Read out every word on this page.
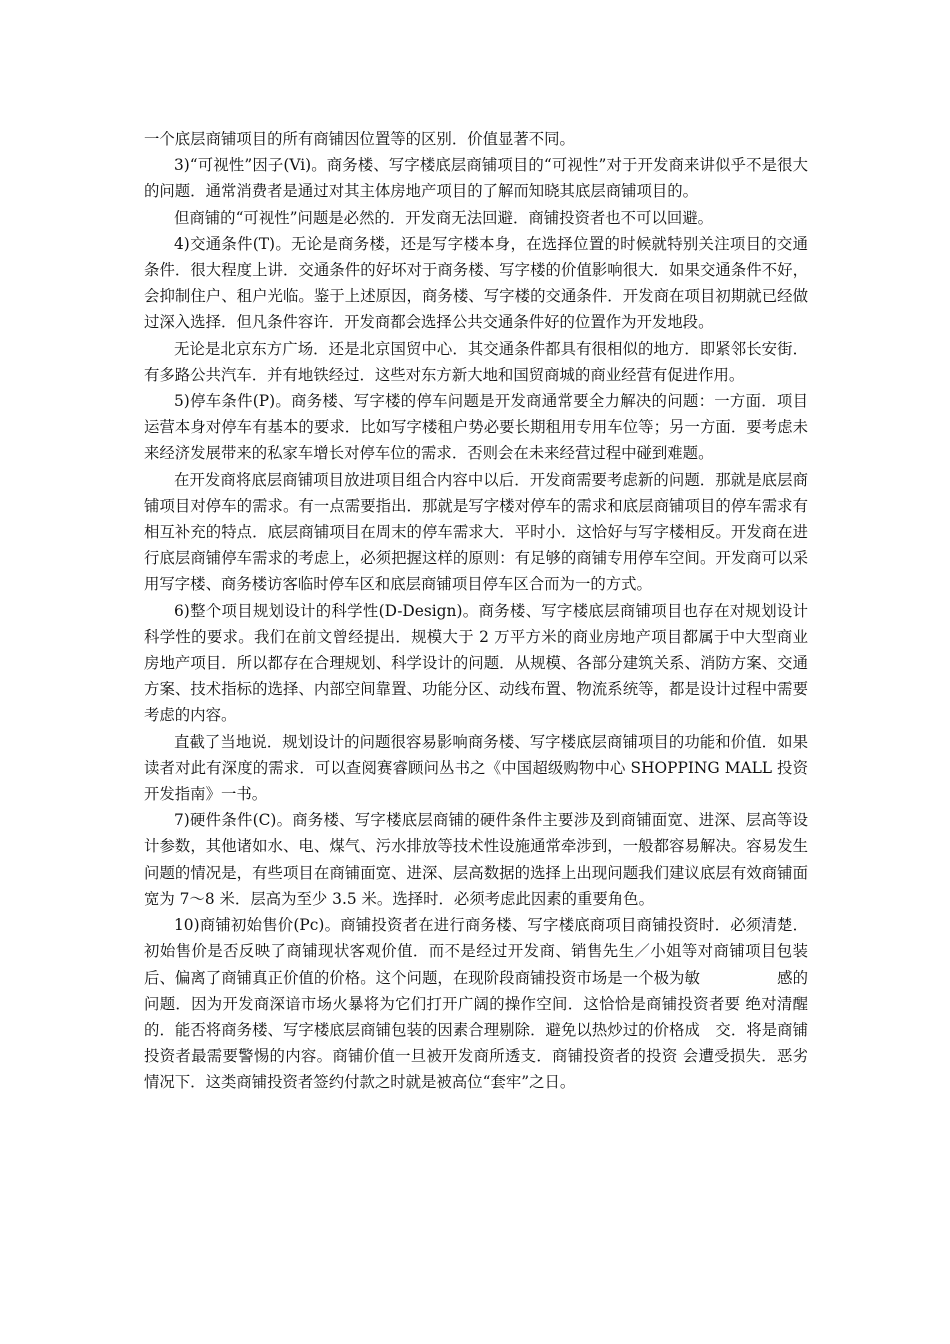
一个底层商铺项目的所有商铺因位置等的区别．价值显著不同。

3)“可视性”因子(Vi)。商务楼、写字楼底层商铺项目的“可视性”对于开发商来讲似乎不是很大的问题．通常消费者是通过对其主体房地产项目的了解而知晓其底层商铺项目的。

但商铺的“可视性”问题是必然的．开发商无法回避．商铺投资者也不可以回避。

4)交通条件(T)。无论是商务楼，还是写字楼本身，在选择位置的时候就特别关注项目的交通条件．很大程度上讲．交通条件的好坏对于商务楼、写字楼的价值影响很大．如果交通条件不好，会抑制住户、租户光临。鉴于上述原因，商务楼、写字楼的交通条件．开发商在项目初期就已经做过深入选择．但凡条件容许．开发商都会选择公共交通条件好的位置作为开发地段。

无论是北京东方广场．还是北京国贸中心．其交通条件都具有很相似的地方．即紧邻长安街．有多路公共汽车．并有地铁经过．这些对东方新大地和国贸商城的商业经营有促进作用。

5)停车条件(P)。商务楼、写字楼的停车问题是开发商通常要全力解决的问题：一方面．项目运营本身对停车有基本的要求．比如写字楼租户势必要长期租用专用车位等；另一方面．要考虑未来经济发展带来的私家车增长对停车位的需求．否则会在未来经营过程中碰到难题。

在开发商将底层商铺项目放进项目组合内容中以后．开发商需要考虑新的问题．那就是底层商铺项目对停车的需求。有一点需要指出．那就是写字楼对停车的需求和底层商铺项目的停车需求有相互补充的特点．底层商铺项目在周末的停车需求大．平时小．这恰好与写字楼相反。开发商在进行底层商铺停车需求的考虑上，必须把握这样的原则：有足够的商铺专用停车空间。开发商可以采用写字楼、商务楼访客临时停车区和底层商铺项目停车区合而为一的方式。

6)整个项目规划设计的科学性(D-Design)。商务楼、写字楼底层商铺项目也存在对规划设计科学性的要求。我们在前文曾经提出．规模大于 2 万平方米的商业房地产项目都属于中大型商业房地产项目．所以都存在合理规划、科学设计的问题．从规模、各部分建筑关系、消防方案、交通方案、技术指标的选择、内部空间靠置、功能分区、动线布置、物流系统等，都是设计过程中需要考虑的内容。

直截了当地说．规划设计的问题很容易影响商务楼、写字楼底层商铺项目的功能和价值．如果读者对此有深度的需求．可以查阅赛睿顾问丛书之《中国超级购物中心 SHOPPING MALL 投资开发指南》一书。

7)硬件条件(C)。商务楼、写字楼底层商铺的硬件条件主要涉及到商铺面宽、进深、层高等设计参数，其他诸如水、电、煤气、污水排放等技术性设施通常牵涉到，一般都容易解决。容易发生问题的情况是，有些项目在商铺面宽、进深、层高数据的选择上出现问题我们建议底层有效商铺面宽为 7～8 米．层高为至少 3.5 米。选择时．必须考虑此因素的重要角色。

10)商铺初始售价(Pc)。商铺投资者在进行商务楼、写字楼底商项目商铺投资时．必须清楚．初始售价是否反映了商铺现状客观价值．而不是经过开发商、销售先生／小姐等对商铺项目包装后、偏离了商铺真正价值的价格。这个问题，在现阶段商铺投资市场是一个极为敏　　　　　感的问题．因为开发商深谙市场火暴将为它们打开广阔的操作空间．这恰恰是商铺投资者要 绝对清醒的．能否将商务楼、写字楼底层商铺包装的因素合理剔除．避免以热炒过的价格成　交．将是商铺投资者最需要警惕的内容。商铺价值一旦被开发商所透支．商铺投资者的投资 会遭受损失．恶劣情况下．这类商铺投资者签约付款之时就是被高位“套牢”之日。
